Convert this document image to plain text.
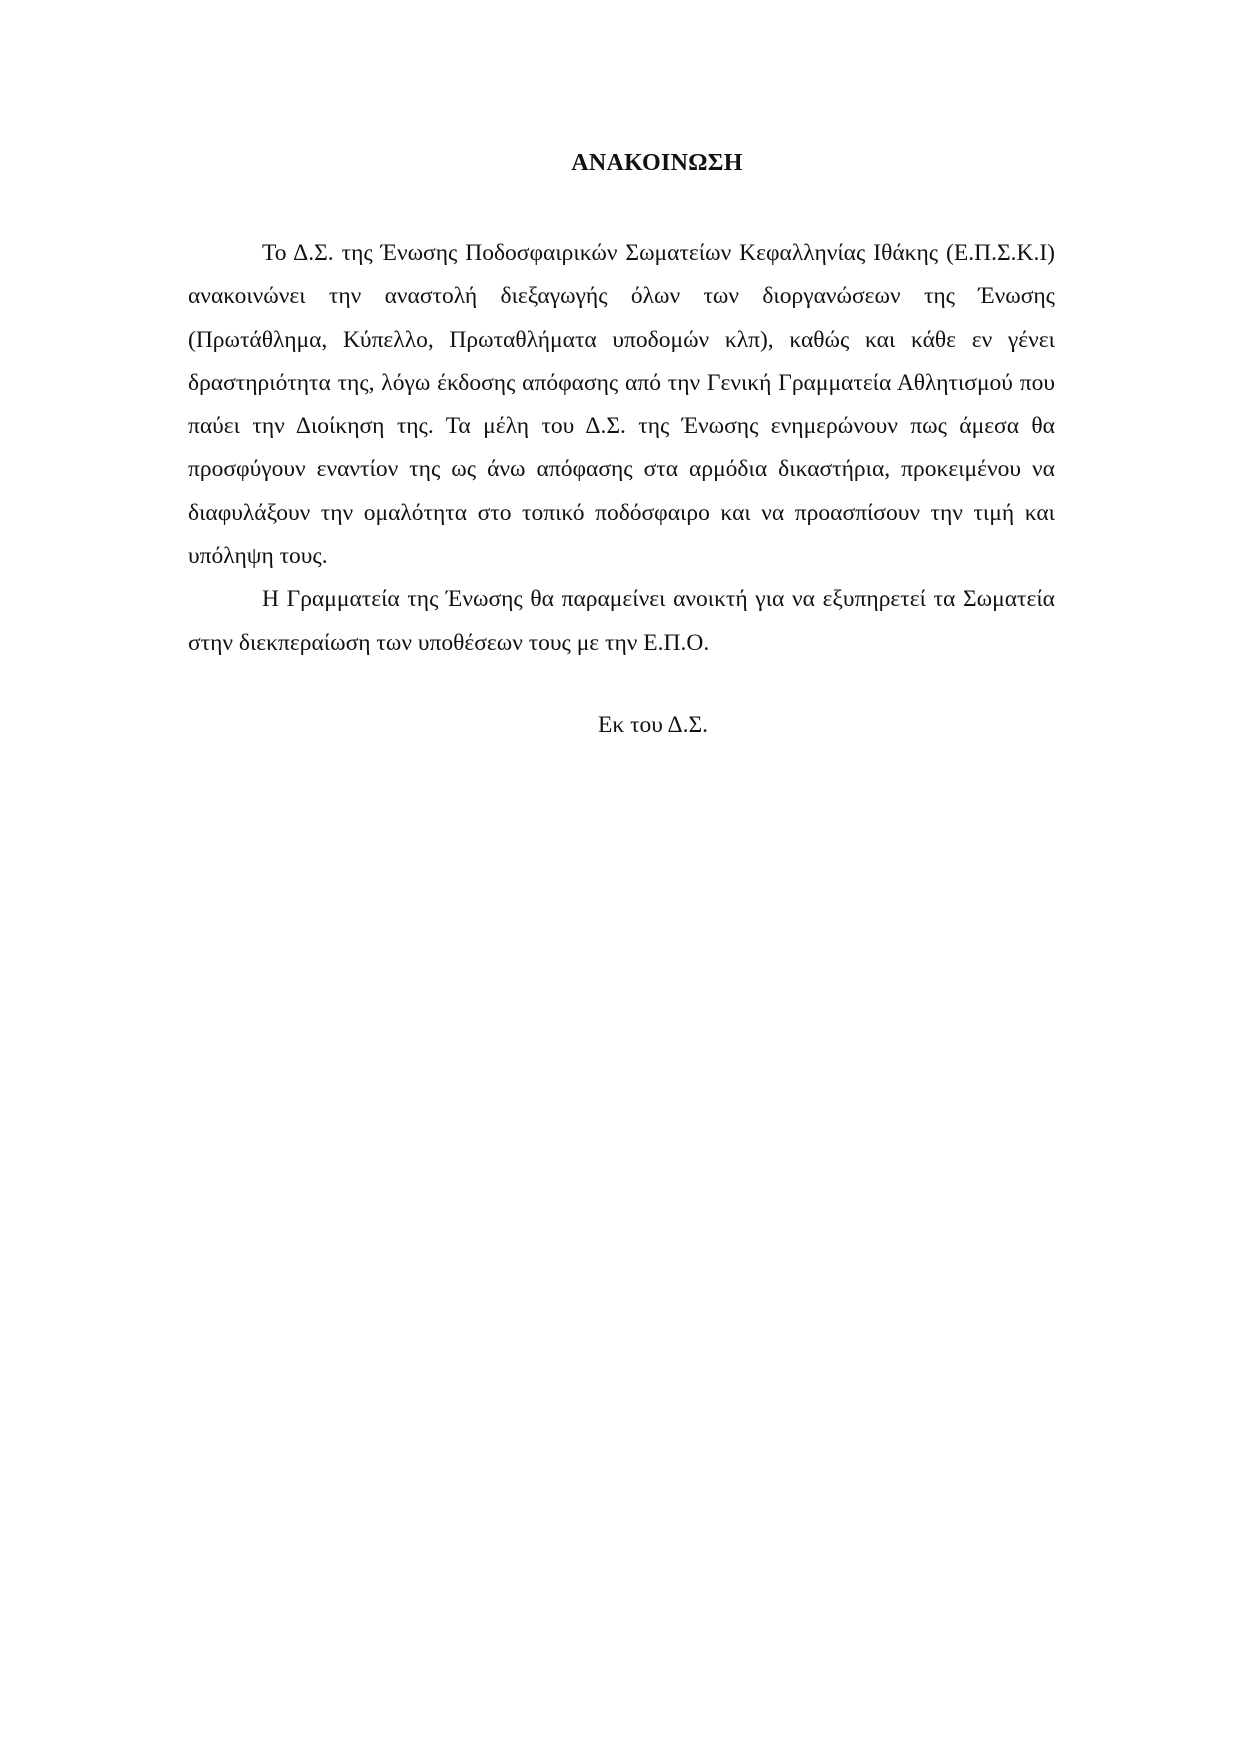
ΑΝΑΚΟΙΝΩΣΗ

Το Δ.Σ. της Ένωσης Ποδοσφαιρικών Σωματείων Κεφαλληνίας Ιθάκης (Ε.Π.Σ.Κ.Ι) ανακοινώνει την αναστολή διεξαγωγής όλων των διοργανώσεων της Ένωσης (Πρωτάθλημα, Κύπελλο, Πρωταθλήματα υποδομών κλπ), καθώς και κάθε εν γένει δραστηριότητα της, λόγω έκδοσης απόφασης από την Γενική Γραμματεία Αθλητισμού που παύει την Διοίκηση της. Τα μέλη του Δ.Σ. της Ένωσης ενημερώνουν πως άμεσα θα προσφύγουν εναντίον της ως άνω απόφασης στα αρμόδια δικαστήρια, προκειμένου να διαφυλάξουν την ομαλότητα στο τοπικό ποδόσφαιρο και να προασπίσουν την τιμή και υπόληψη τους.

Η Γραμματεία της Ένωσης θα παραμείνει ανοικτή για να εξυπηρετεί τα Σωματεία στην διεκπεραίωση των υποθέσεων τους με την Ε.Π.Ο.

Εκ του Δ.Σ.
